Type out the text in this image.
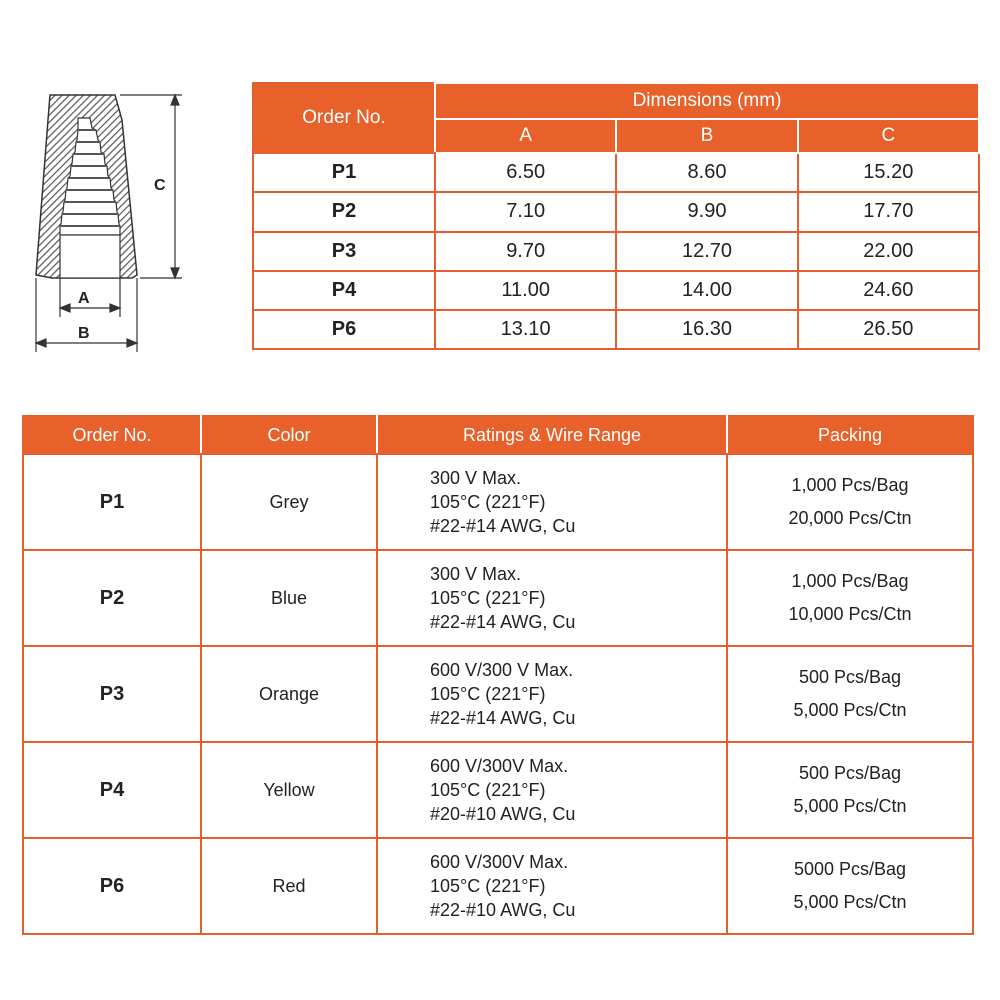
C
A
B
Order No.	Dimensions (mm)		
	A	B	C
P1	6.50	8.60	15.20
P2	7.10	9.90	17.70
P3	9.70	12.70	22.00
P4	11.00	14.00	24.60
P6	13.10	16.30	26.50
Order No.	Color	Ratings & Wire Range	Packing
P1	Grey	300 V Max.
105°C (221°F)
#22-#14 AWG, Cu	1,000 Pcs/Bag
20,000 Pcs/Ctn

P2	Blue	300 V Max.
105°C (221°F)
#22-#14 AWG, Cu	1,000 Pcs/Bag
10,000 Pcs/Ctn

P3	Orange	600 V/300 V Max.
105°C (221°F)
#22-#14 AWG, Cu	500 Pcs/Bag
5,000 Pcs/Ctn

P4	Yellow	600 V/300V Max.
105°C (221°F)
#20-#10 AWG, Cu	500 Pcs/Bag
5,000 Pcs/Ctn

P6	Red	600 V/300V Max.
105°C (221°F)
#22-#10 AWG, Cu	5000 Pcs/Bag
5,000 Pcs/Ctn
